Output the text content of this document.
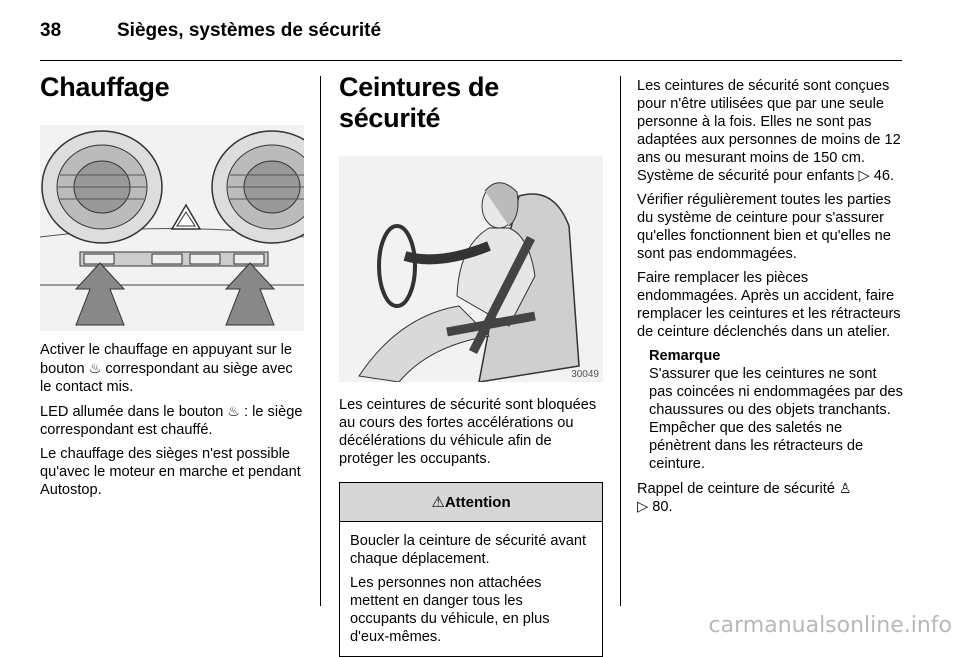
38	Sièges, systèmes de sécurité
Chauffage

Activer le chauffage en appuyant sur le bouton ♨ correspondant au siège avec le contact mis.

LED allumée dans le bouton ♨ : le siège correspondant est chauffé.

Le chauffage des sièges n'est possible qu'avec le moteur en marche et pendant Autostop.

Ceintures de sécurité
30049

Les ceintures de sécurité sont bloquées au cours des fortes accélérations ou décélérations du véhicule afin de protéger les occupants.

⚠ Attention

Boucler la ceinture de sécurité avant chaque déplacement.

Les personnes non attachées mettent en danger tous les occupants du véhicule, en plus d'eux-mêmes.

Les ceintures de sécurité sont conçues pour n'être utilisées que par une seule personne à la fois. Elles ne sont pas adaptées aux personnes de moins de 12 ans ou mesurant moins de 150 cm. Système de sécurité pour enfants ▷ 46.

Vérifier régulièrement toutes les parties du système de ceinture pour s'assurer qu'elles fonctionnent bien et qu'elles ne sont pas endommagées.

Faire remplacer les pièces endommagées. Après un accident, faire remplacer les ceintures et les rétracteurs de ceinture déclenchés dans un atelier.

Remarque

S'assurer que les ceintures ne sont pas coincées ni endommagées par des chaussures ou des objets tranchants. Empêcher que des saletés ne pénètrent dans les rétracteurs de ceinture.

Rappel de ceinture de sécurité ♙
▷ 80.

carmanualsonline.info
